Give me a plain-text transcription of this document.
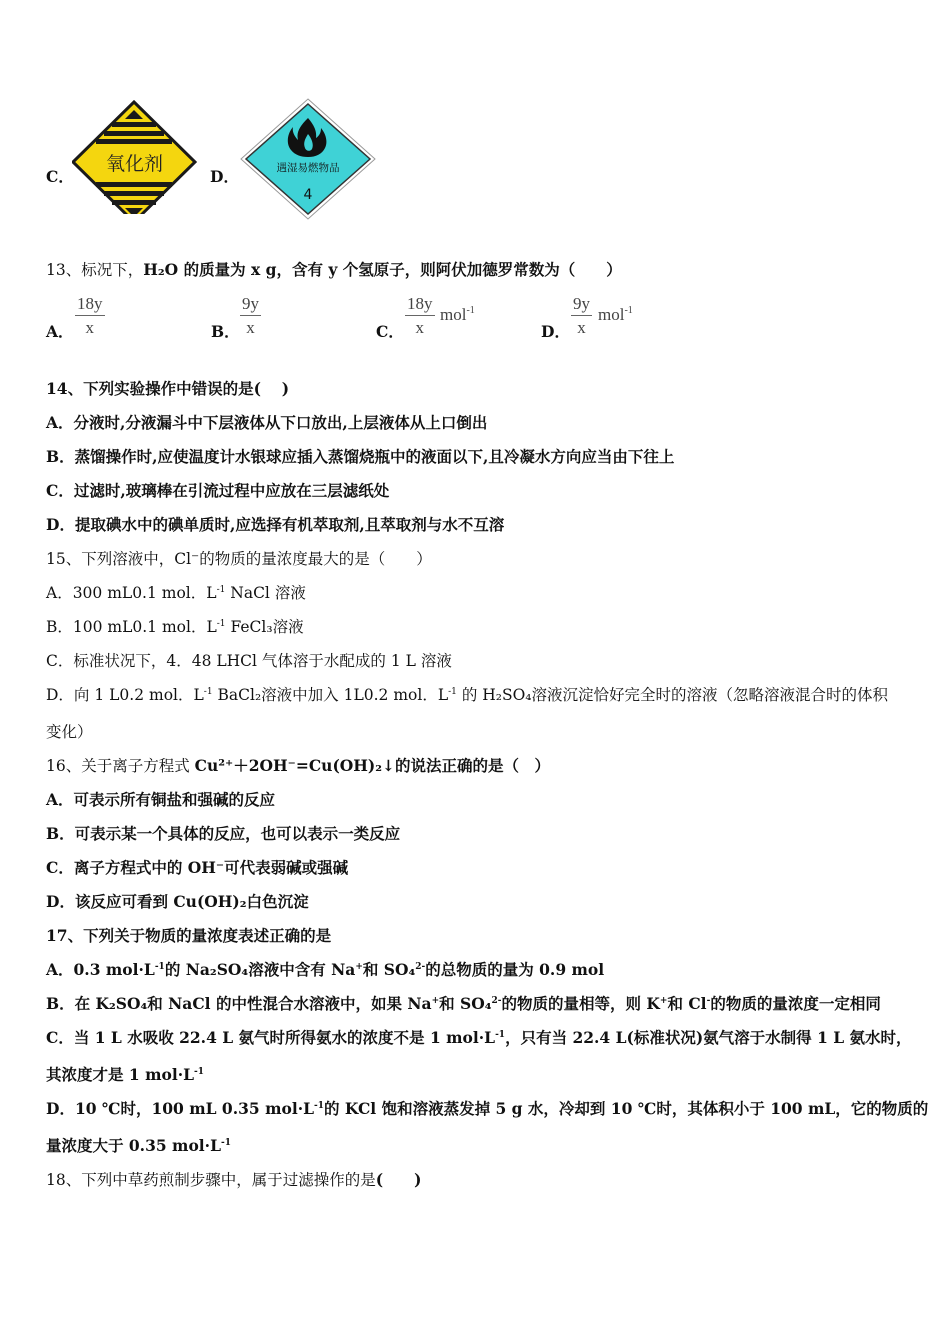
C．
氧化剂
D．	遇湿易燃物品
4
13、标况下，H₂O 的质量为 x g，含有 y 个氢原子，则阿伏加德罗常数为（　　）
A． $\frac{18y}{x}$	B． $\frac{9y}{x}$	C． $\frac{18y}{x} mol^{-1}$
D． $\frac{9y}{x} mol^{-1}$
14、下列实验操作中错误的是( 　)
A．分液时,分液漏斗中下层液体从下口放出,上层液体从上口倒出
B．蒸馏操作时,应使温度计水银球应插入蒸馏烧瓶中的液面以下,且冷凝水方向应当由下往上
C．过滤时,玻璃棒在引流过程中应放在三层滤纸处
D．提取碘水中的碘单质时,应选择有机萃取剂,且萃取剂与水不互溶
15、下列溶液中，Cl⁻的物质的量浓度最大的是（　　）
A．300 mL0.1 mol．$L^{-1}$ NaCl 溶液
B．100 mL0.1 mol．$L^{-1}$ FeCl₃溶液
C．标准状况下，4．48 LHCl 气体溶于水配成的 1 L 溶液
D．向 1 L0.2 mol．$L^{-1}$ BaCl₂溶液中加入 1L0.2 mol．$L^{-1}$ 的 H₂SO₄溶液沉淀恰好完全时的溶液（忽略溶液混合时的体积
变化）
16、关于离子方程式 Cu²⁺＋2OH⁻=Cu(OH)₂↓的说法正确的是（　）
A．可表示所有铜盐和强碱的反应
B．可表示某一个具体的反应，也可以表示一类反应
C．离子方程式中的 OH⁻可代表弱碱或强碱
D．该反应可看到 Cu(OH)₂白色沉淀
17、下列关于物质的量浓度表述正确的是
A．0.3 $mol\cdot L^{-1}$的 Na₂SO₄溶液中含有 Na+和 SO₄$^{2-}$的总物质的量为 0.9 mol
B．在 K₂SO₄和 NaCl 的中性混合水溶液中，如果 Na+和 SO₄$^{2-}$的物质的量相等，则 K+和 Cl-的物质的量浓度一定相同
C．当 1 L 水吸收 22.4 L 氨气时所得氨水的浓度不是 1 $mol\cdot L^{-1}$，只有当 22.4 L(标准状况)氨气溶于水制得 1 L 氨水时，
其浓度才是 1 $mol\cdot L^{-1}$
D．10 ℃时，100 mL 0.35 $mol\cdot L^{-1}$的 KCl 饱和溶液蒸发掉 5 g 水，冷却到 10 ℃时，其体积小于 100 mL，它的物质的
量浓度大于 0.35 $mol\cdot L^{-1}$
18、下列中草药煎制步骤中，属于过滤操作的是(　　)
